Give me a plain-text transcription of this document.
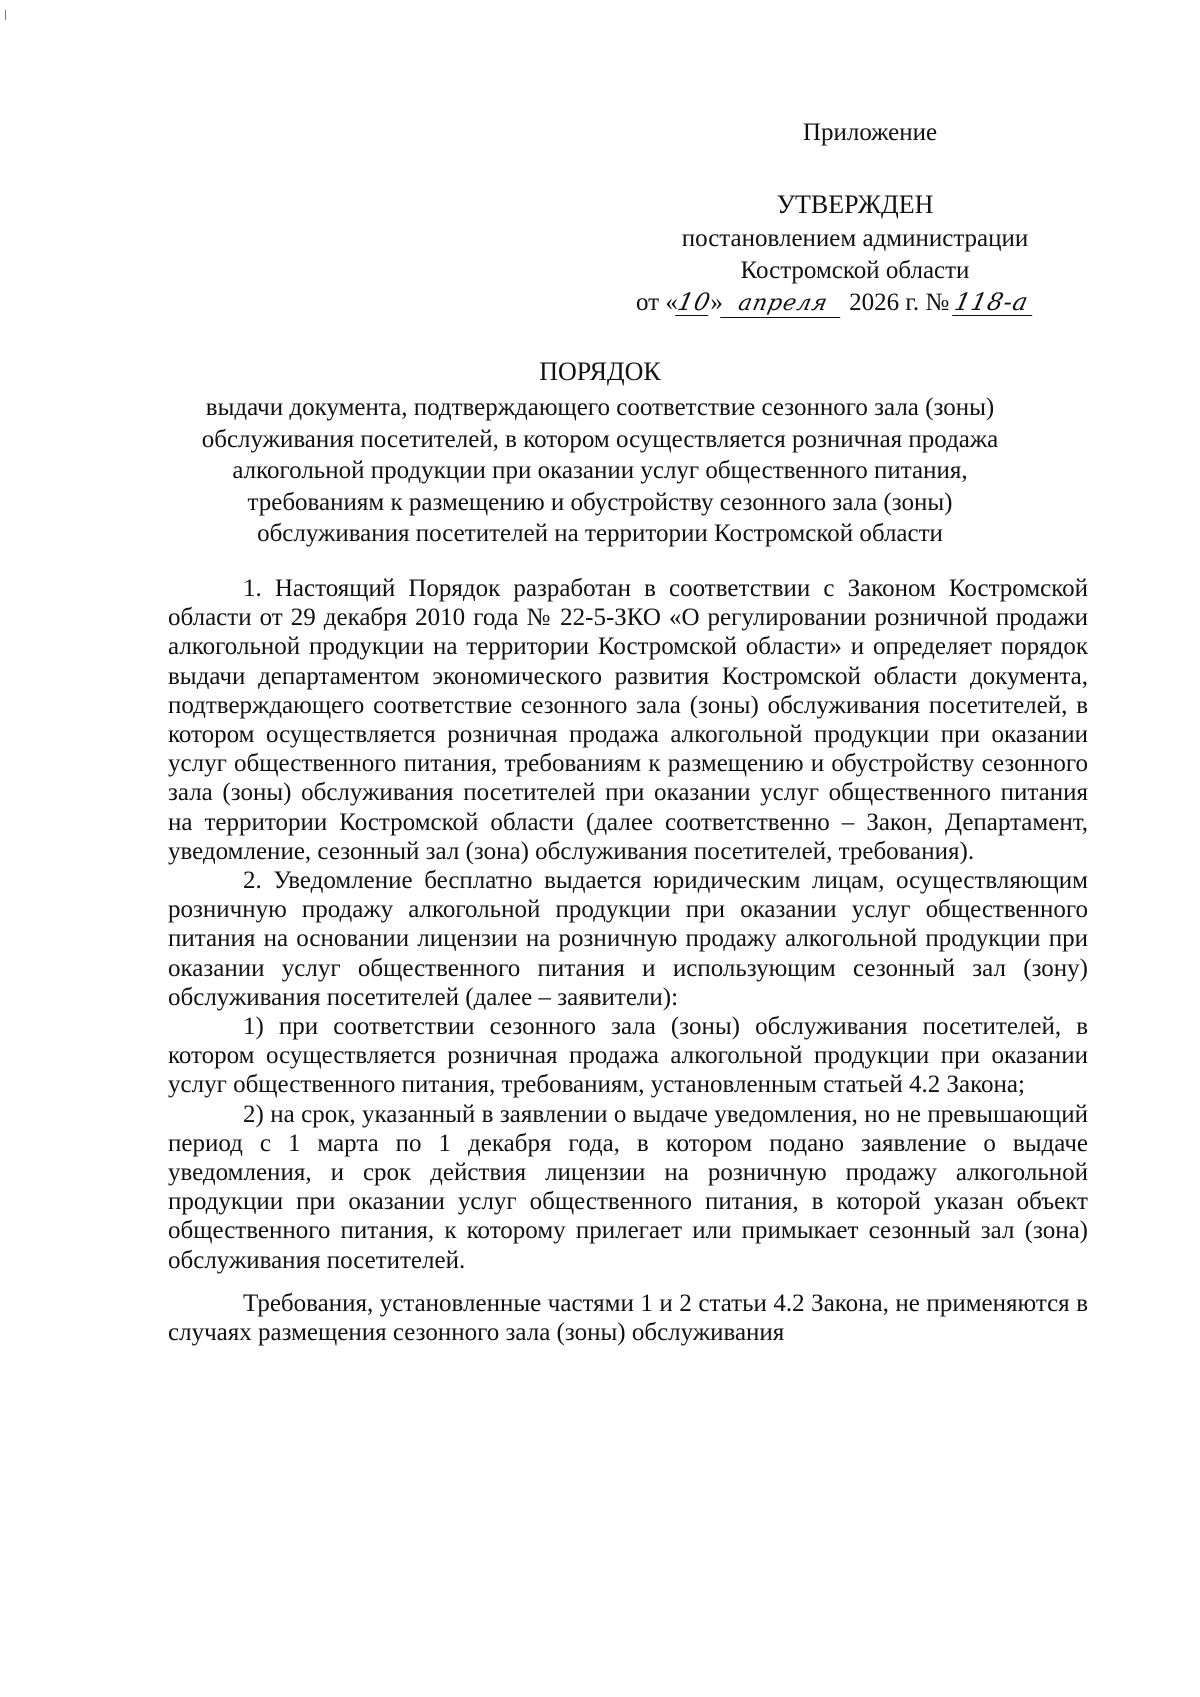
Приложение
УТВЕРЖДЕН
постановлением администрации
Костромской области
от «10» апреля 2026 г. № 118-а
ПОРЯДОК
выдачи документа, подтверждающего соответствие сезонного зала (зоны)
обслуживания посетителей, в котором осуществляется розничная продажа
алкогольной продукции при оказании услуг общественного питания,
требованиям к размещению и обустройству сезонного зала (зоны)
обслуживания посетителей на территории Костромской области

1. Настоящий Порядок разработан в соответствии с Законом Костромской области от 29 декабря 2010 года № 22-5-ЗКО «О регулировании розничной продажи алкогольной продукции на территории Костромской области» и определяет порядок выдачи департаментом экономического развития Костромской области документа, подтверждающего соответствие сезонного зала (зоны) обслуживания посетителей, в котором осуществляется розничная продажа алкогольной продукции при оказании услуг общественного питания, требованиям к размещению и обустройству сезонного зала (зоны) обслуживания посетителей при оказании услуг общественного питания на территории Костромской области (далее соответственно – Закон, Департамент, уведомление, сезонный зал (зона) обслуживания посетителей, требования).

2. Уведомление бесплатно выдается юридическим лицам, осуществляющим розничную продажу алкогольной продукции при оказании услуг общественного питания на основании лицензии на розничную продажу алкогольной продукции при оказании услуг общественного питания и использующим сезонный зал (зону) обслуживания посетителей (далее – заявители):

1) при соответствии сезонного зала (зоны) обслуживания посетителей, в котором осуществляется розничная продажа алкогольной продукции при оказании услуг общественного питания, требованиям, установленным статьей 4.2 Закона;

2) на срок, указанный в заявлении о выдаче уведомления, но не превышающий период с 1 марта по 1 декабря года, в котором подано заявление о выдаче уведомления, и срок действия лицензии на розничную продажу алкогольной продукции при оказании услуг общественного питания, в которой указан объект общественного питания, к которому прилегает или примыкает сезонный зал (зона) обслуживания посетителей.

Требования, установленные частями 1 и 2 статьи 4.2 Закона, не применяются в случаях размещения сезонного зала (зоны) обслуживания
